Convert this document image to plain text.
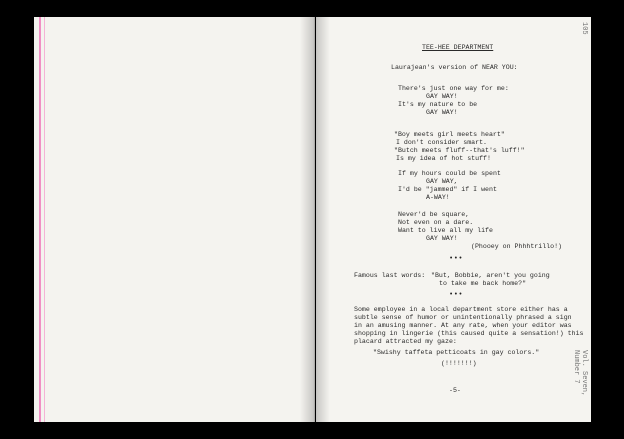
105
Vol. Seven, Number 7
TEE-HEE DEPARTMENT
Laurajean's version of NEAR YOU:
There's just one way for me:
GAY WAY!
It's my nature to be
GAY WAY!
"Boy meets girl meets heart"
I don't consider smart.
"Butch meets fluff--that's luff!"
Is my idea of hot stuff!
If my hours could be spent
GAY WAY,
I'd be "jammed" if I went
A-WAY!
Never'd be square,
Not even on a dare.
Want to live all my life
GAY WAY!
(Phooey on Phhhtrillo!)
•••
Famous last words: "But, Bobbie, aren't you going
to take me back home?"
•••
Some employee in a local department store either has a
subtle sense of humor or unintentionally phrased a sign
in an amusing manner. At any rate, when your editor was
shopping in lingerie (this caused quite a sensation!) this
placard attracted my gaze:
"Swishy taffeta petticoats in gay colors."
(!!!!!!!)
-5-
